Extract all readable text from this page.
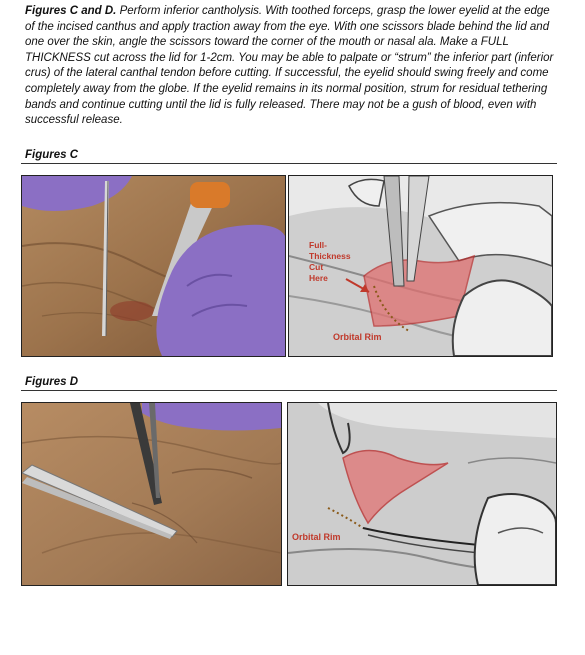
Figures C and D. Perform inferior cantholysis. With toothed forceps, grasp the lower eyelid at the edge of the incised canthus and apply traction away from the eye. With one scissors blade behind the lid and one over the skin, angle the scissors toward the corner of the mouth or nasal ala. Make a FULL THICKNESS cut across the lid for 1-2cm. You may be able to palpate or “strum” the inferior part (inferior crus) of the lateral canthal tendon before cutting. If successful, the eyelid should swing freely and come completely away from the globe. If the eyelid remains in its normal position, strum for residual tethering bands and continue cutting until the lid is fully released. There may not be a gush of blood, even with successful release.

Figures C
Full-
Thickness
Cut
Here
Orbital Rim
Figures D
Orbital Rim
